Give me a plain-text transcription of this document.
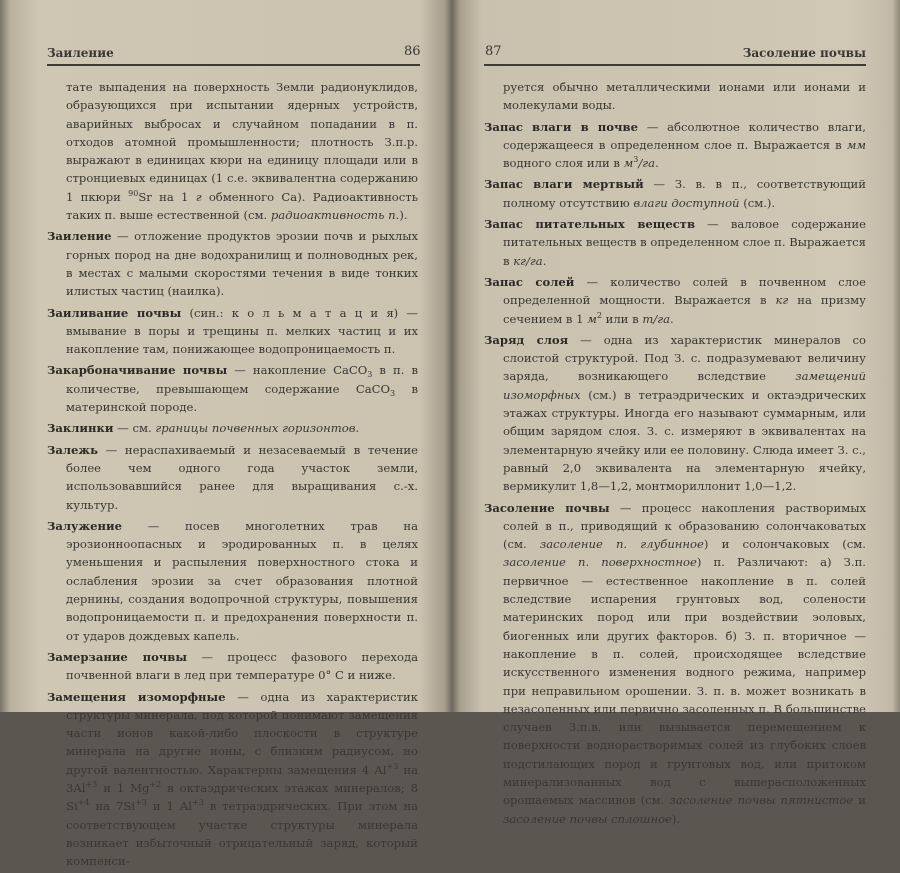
Заиление	86
тате выпадения на поверхность Земли радионуклидов, образующихся при испытании ядерных устройств, аварийных выбросах и случайном попадании в п. отходов атомной промышленности; плотность З.п.р. выражают в единицах кюри на единицу площади или в стронциевых единицах (1 с.е. эквивалентна содержанию 1 пкюри $^{90}$Sr на 1 г обменного Са). Радиоактивность таких п. выше естественной (см. радиоактивность п.).
Заиление — отложение продуктов эрозии почв и рыхлых горных пород на дне водохранилищ и полноводных рек, в местах с малыми скоростями течения в виде тонких илистых частиц (наилка).
Заиливание почвы (син.: к о л ь м а т а ц и я) — вмывание в поры и трещины п. мелких частиц и их накопление там, понижающее водопроницаемость п.
Закарбоначивание почвы — накопление CaCO$_3$ в п. в количестве, превышающем содержание CaCO$_3$ в материнской породе.
Заклинки — см. границы почвенных горизонтов.
Залежь — нераспахиваемый и незасеваемый в течение более чем одного года участок земли, использовавшийся ранее для выращивания с.-х. культур.
Залужение — посев многолетних трав на эрозионноопасных и эродированных п. в целях уменьшения и распыления поверхностного стока и ослабления эрозии за счет образования плотной дернины, создания водопрочной структуры, повышения водопроницаемости п. и предохранения поверхности п. от ударов дождевых капель.
Замерзание почвы — процесс фазового перехода почвенной влаги в лед при температуре 0° С и ниже.
Замещения изоморфные — одна из характеристик структуры минерала, под которой понимают замещения части ионов какой-либо плоскости в структуре минерала на другие ионы, с близким радиусом, но другой валентностью. Характерны замещения 4 $Al^{+3}$ на $3Al^{+3}$ и 1 $Mg^{+2}$ в октаэдрических этажах минералов; 8 $Si^{+4}$ на $7Si^{+3}$ и 1 $Al^{+3}$ в тетраэдрических. При этом на соответствующем участке структуры минерала возникает избыточный отрицательный заряд, который компенси-
87	Засоление почвы
руется обычно металлическими ионами или ионами и молекулами воды.
Запас влаги в почве — абсолютное количество влаги, содержащееся в определенном слое п. Выражается в мм водного слоя или в $м^3/га$.
Запас влаги мертвый — З. в. в п., соответствующий полному отсутствию влаги доступной (см.).
Запас питательных веществ — валовое содержание питательных веществ в определенном слое п. Выражается в кг/га.
Запас солей — количество солей в почвенном слое определенной мощности. Выражается в кг на призму сечением в 1 $м^2$ или в т/га.
Заряд слоя — одна из характеристик минералов со слоистой структурой. Под З. с. подразумевают величину заряда, возникающего вследствие замещений изоморфных (см.) в тетраэдрических и октаэдрических этажах структуры. Иногда его называют суммарным, или общим зарядом слоя. З. с. измеряют в эквивалентах на элементарную ячейку или ее половину. Слюда имеет З. с., равный 2,0 эквивалента на элементарную ячейку, вермикулит 1,8—1,2, монтмориллонит 1,0—1,2.
Засоление почвы — процесс накопления растворимых солей в п., приводящий к образованию солончаковатых (см. засоление п. глубинное) и солончаковых (см. засоление п. поверхностное) п. Различают: а) З.п. первичное — естественное накопление в п. солей вследствие испарения грунтовых вод, солености материнских пород или при воздействии эоловых, биогенных или других факторов. б) З. п. вторичное — накопление в п. солей, происходящее вследствие искусственного изменения водного режима, например при неправильном орошении. З. п. в. может возникать в незасоленных или первично засоленных п. В большинстве случаев З.п.в. или вызывается перемещением к поверхности воднорастворимых солей из глубоких слоев подстилающих пород и грунтовых вод, или притоком минерализованных вод с вышерасположенных орошаемых массивов (см. засоление почвы пятнистое и засоление почвы сплошное).
